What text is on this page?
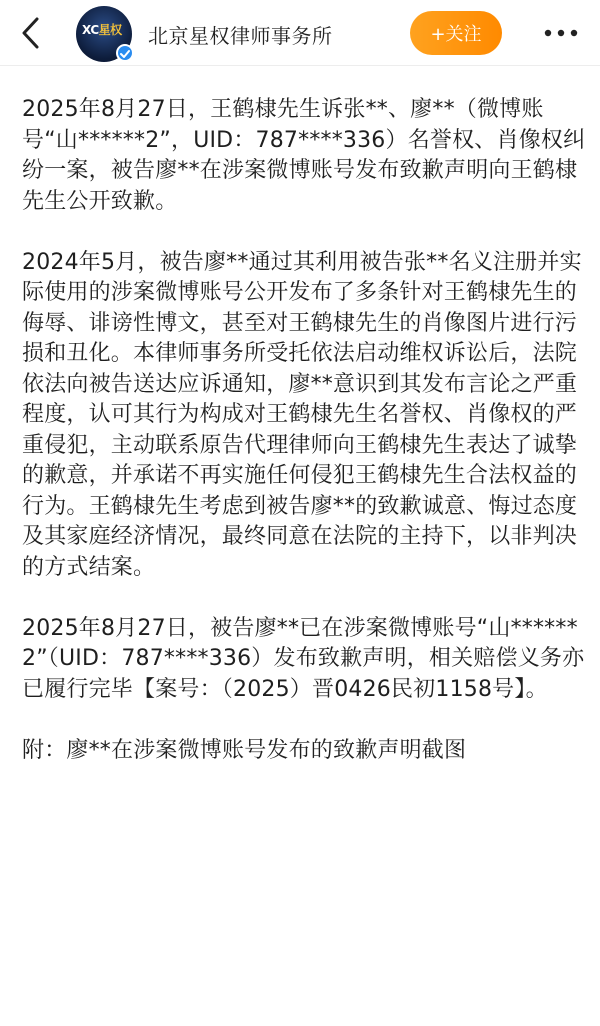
XC星权 北京星权律师事务所	+关注

2025年8月27日，王鹤棣先生诉张**、廖**（微博账号“山******2”，UID：787****336）名誉权、肖像权纠纷一案，被告廖**在涉案微博账号发布致歉声明向王鹤棣先生公开致歉。

2024年5月，被告廖**通过其利用被告张**名义注册并实际使用的涉案微博账号公开发布了多条针对王鹤棣先生的侮辱、诽谤性博文，甚至对王鹤棣先生的肖像图片进行污损和丑化。本律师事务所受托依法启动维权诉讼后，法院依法向被告送达应诉通知，廖**意识到其发布言论之严重程度，认可其行为构成对王鹤棣先生名誉权、肖像权的严重侵犯，主动联系原告代理律师向王鹤棣先生表达了诚挚的歉意，并承诺不再实施任何侵犯王鹤棣先生合法权益的行为。王鹤棣先生考虑到被告廖**的致歉诚意、悔过态度及其家庭经济情况，最终同意在法院的主持下，以非判决的方式结案。

2025年8月27日，被告廖**已在涉案微博账号“山******2”（UID：787****336）发布致歉声明，相关赔偿义务亦已履行完毕【案号：（2025）晋0426民初1158号】。

附：廖**在涉案微博账号发布的致歉声明截图
